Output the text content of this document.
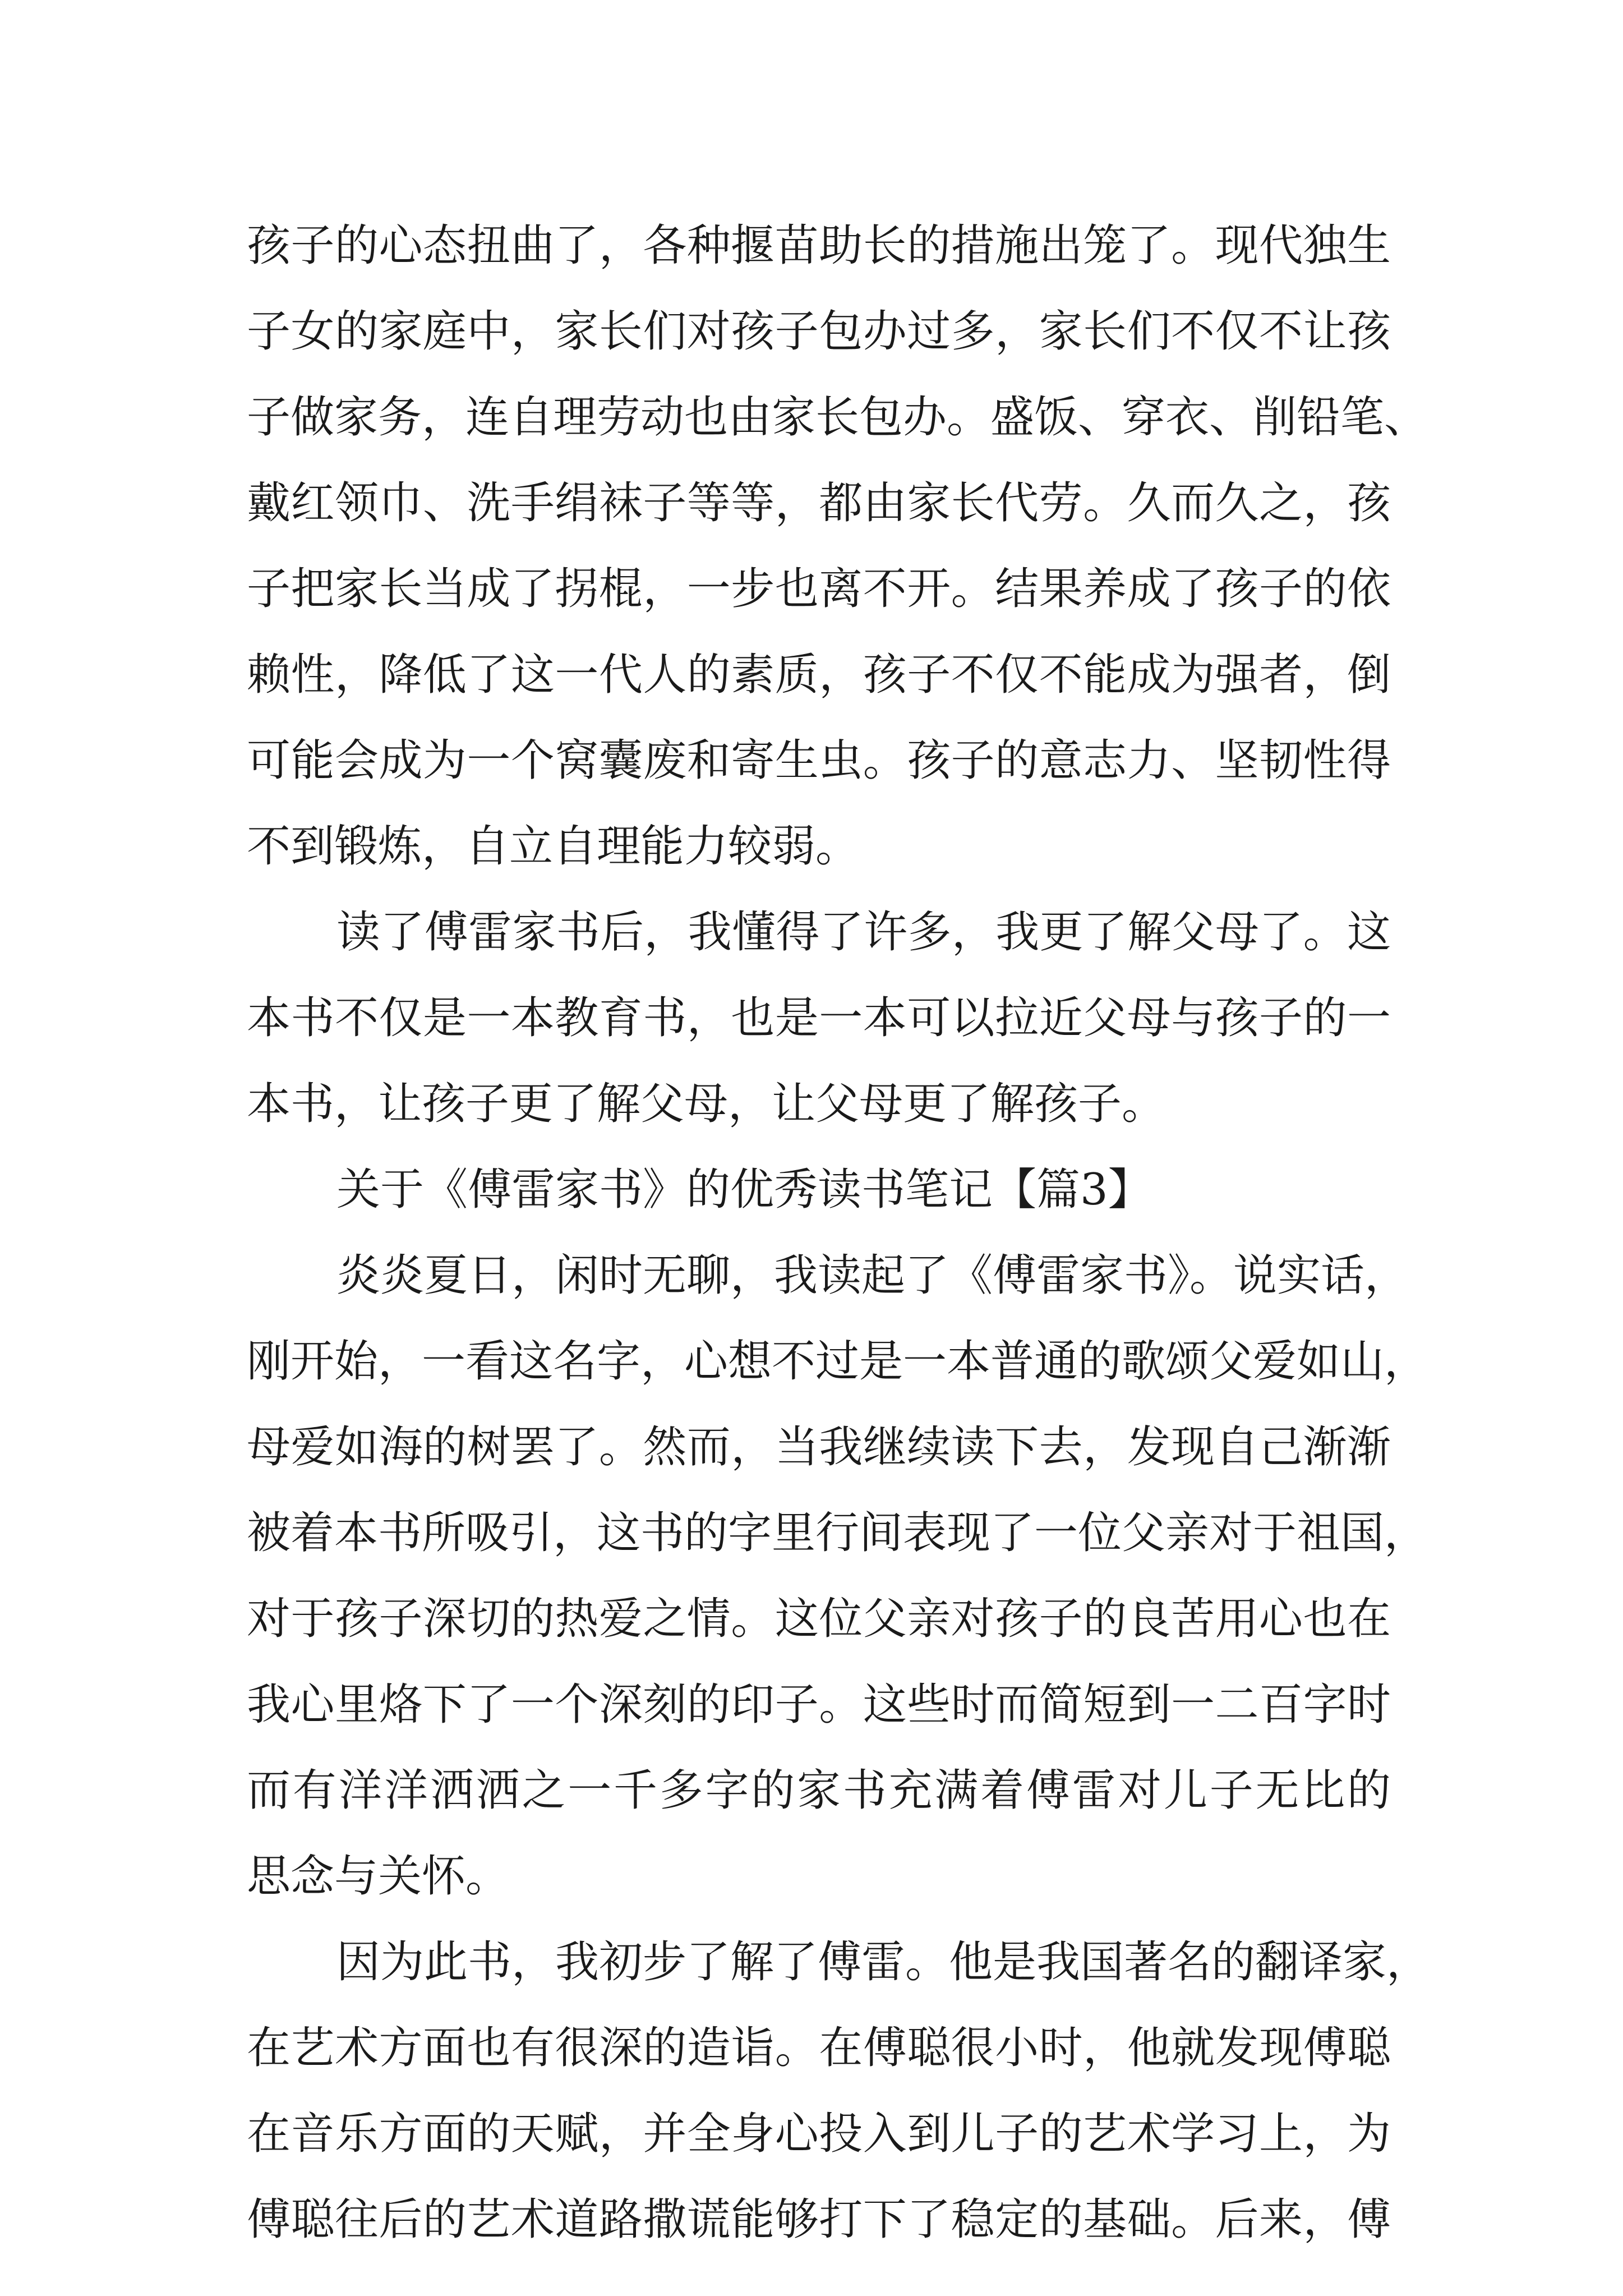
孩子的心态扭曲了，各种揠苗助长的措施出笼了。现代独生
子女的家庭中，家长们对孩子包办过多，家长们不仅不让孩
子做家务，连自理劳动也由家长包办。盛饭、穿衣、削铅笔、
戴红领巾、洗手绢袜子等等，都由家长代劳。久而久之，孩
子把家长当成了拐棍，一步也离不开。结果养成了孩子的依
赖性，降低了这一代人的素质，孩子不仅不能成为强者，倒
可能会成为一个窝囊废和寄生虫。孩子的意志力、坚韧性得
不到锻炼，自立自理能力较弱。
读了傅雷家书后，我懂得了许多，我更了解父母了。这
本书不仅是一本教育书，也是一本可以拉近父母与孩子的一
本书，让孩子更了解父母，让父母更了解孩子。
关于《傅雷家书》的优秀读书笔记【篇3】
炎炎夏日，闲时无聊，我读起了《傅雷家书》。说实话，
刚开始，一看这名字，心想不过是一本普通的歌颂父爱如山，
母爱如海的树罢了。然而，当我继续读下去，发现自己渐渐
被着本书所吸引，这书的字里行间表现了一位父亲对于祖国，
对于孩子深切的热爱之情。这位父亲对孩子的良苦用心也在
我心里烙下了一个深刻的印子。这些时而简短到一二百字时
而有洋洋洒洒之一千多字的家书充满着傅雷对儿子无比的
思念与关怀。
因为此书，我初步了解了傅雷。他是我国著名的翻译家，
在艺术方面也有很深的造诣。在傅聪很小时，他就发现傅聪
在音乐方面的天赋，并全身心投入到儿子的艺术学习上，为
傅聪往后的艺术道路撒谎能够打下了稳定的基础。后来，傅
